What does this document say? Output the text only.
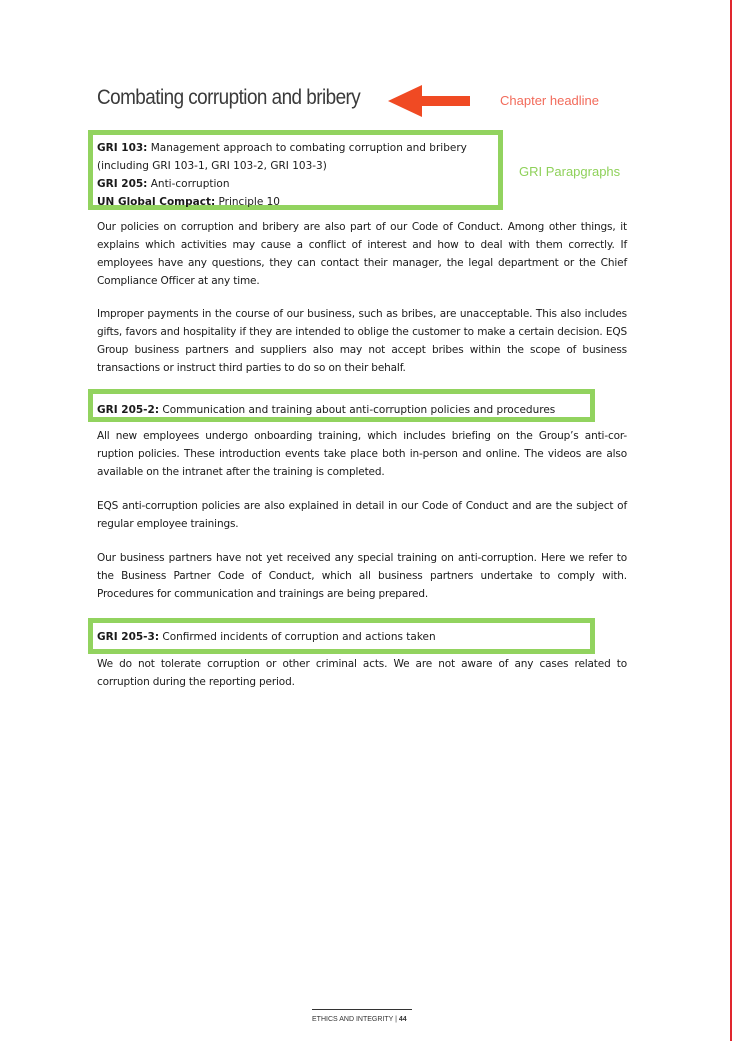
Combating corruption and bribery	Chapter headline
GRI 103: Management approach to combating corruption and bribery
(including GRI 103-1, GRI 103-2, GRI 103-3)
GRI 205: Anti-corruption
UN Global Compact: Principle 10
GRI Parapgraphs

Our policies on corruption and bribery are also part of our Code of Conduct. Among other things, it explains which activities may cause a conflict of interest and how to deal with them correctly. If employees have any questions, they can contact their manager, the legal department or the Chief Compliance Officer at any time.

Improper payments in the course of our business, such as bribes, are unacceptable. This also includes gifts, favors and hospitality if they are intended to oblige the customer to make a certain decision. EQS Group business partners and suppliers also may not accept bribes within the scope of business transactions or instruct third parties to do so on their behalf.

GRI 205-2: Communication and training about anti-corruption policies and procedures

All new employees undergo onboarding training, which includes briefing on the Group’s anti-cor-ruption policies. These introduction events take place both in-person and online. The videos are also available on the intranet after the training is completed.

EQS anti-corruption policies are also explained in detail in our Code of Conduct and are the subject of regular employee trainings.

Our business partners have not yet received any special training on anti-corruption. Here we refer to the Business Partner Code of Conduct, which all business partners undertake to comply with. Procedures for communication and trainings are being prepared.

GRI 205-3: Confirmed incidents of corruption and actions taken

We do not tolerate corruption or other criminal acts. We are not aware of any cases related to corruption during the reporting period.

ETHICS AND INTEGRITY | 44
